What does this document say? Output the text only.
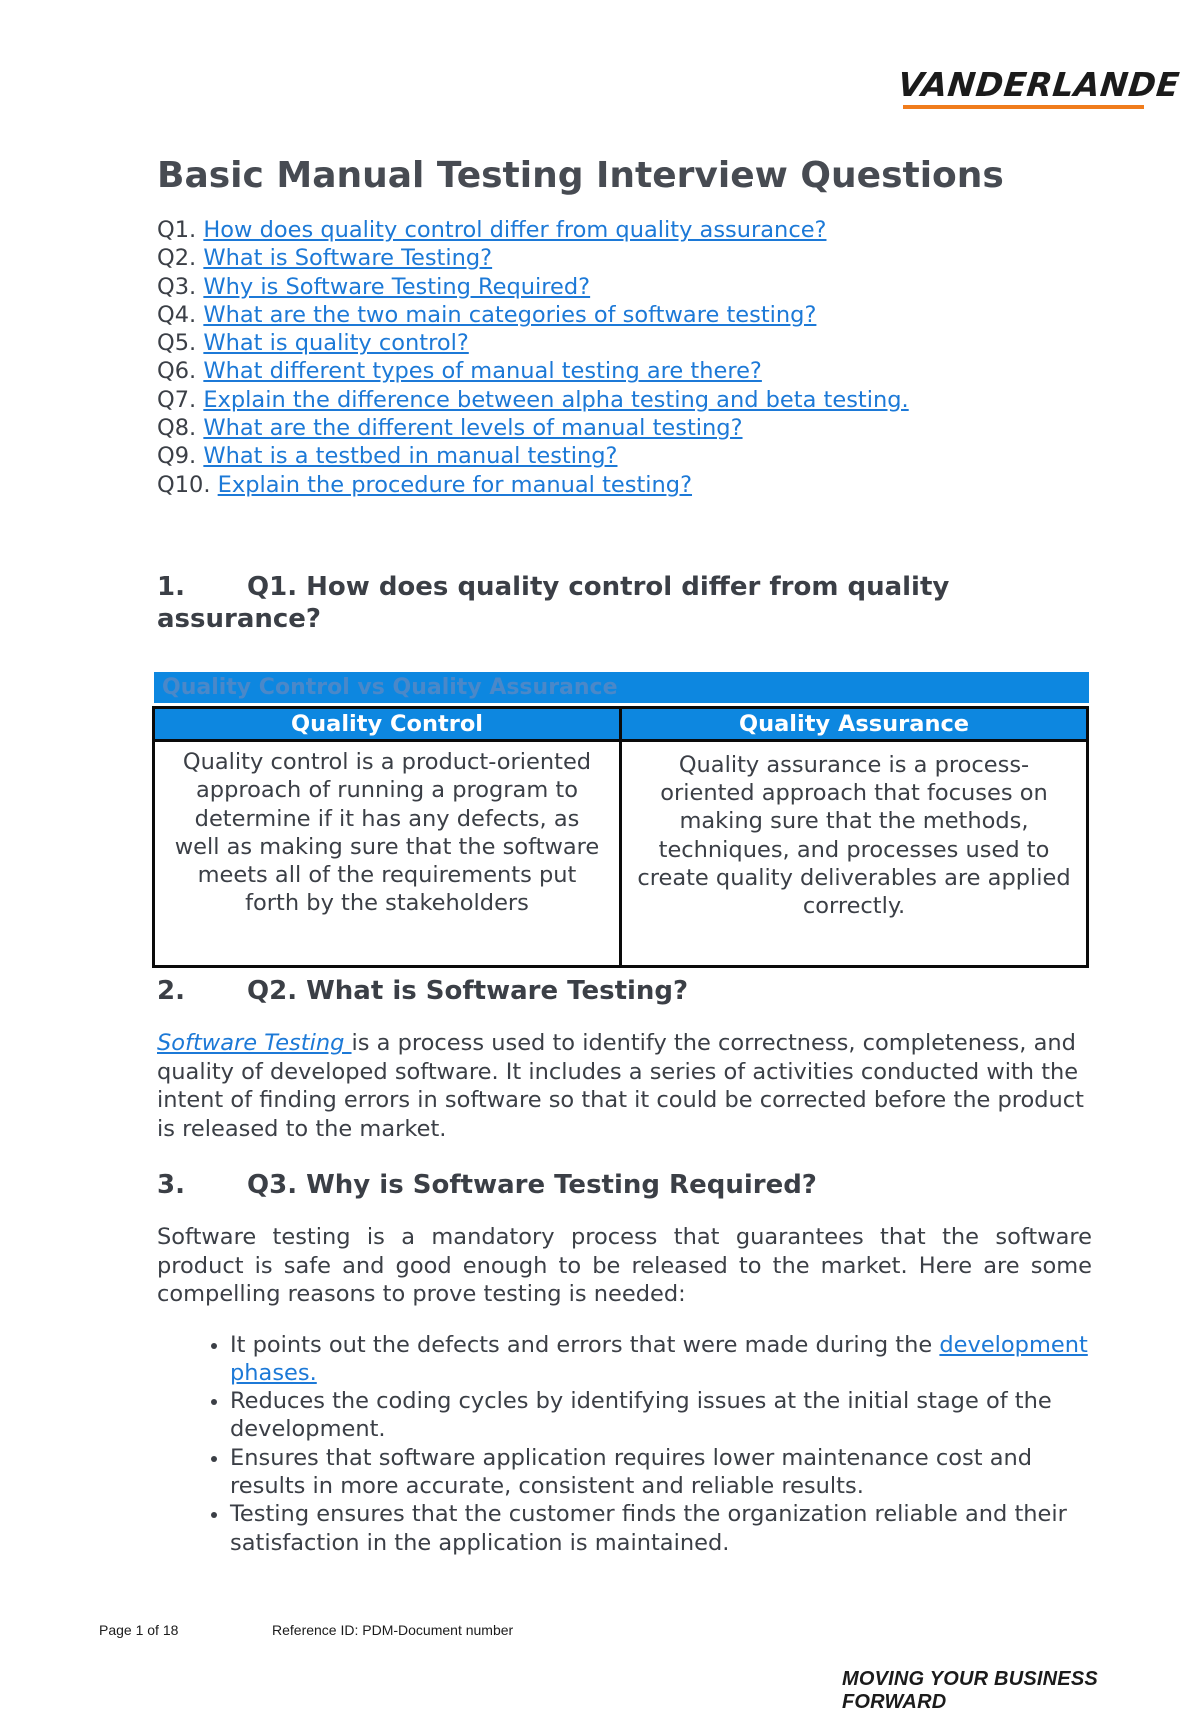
VANDERLANDE
Basic Manual Testing Interview Questions
Q1. How does quality control differ from quality assurance?
Q2. What is Software Testing?
Q3. Why is Software Testing Required?
Q4. What are the two main categories of software testing?
Q5. What is quality control?
Q6. What different types of manual testing are there?
Q7. Explain the difference between alpha testing and beta testing.
Q8. What are the different levels of manual testing?
Q9. What is a testbed in manual testing?
Q10. Explain the procedure for manual testing?
1.	Q1. How does quality control differ from quality assurance?
Quality Control vs Quality Assurance
Quality Control	Quality Assurance
Quality control is a product-oriented approach of running a program to determine if it has any defects, as well as making sure that the software meets all of the requirements put forth by the stakeholders	Quality assurance is a process-oriented approach that focuses on making sure that the methods, techniques, and processes used to create quality deliverables are applied correctly.
2.	Q2. What is Software Testing?

Software Testing is a process used to identify the correctness, completeness, and quality of developed software. It includes a series of activities conducted with the intent of finding errors in software so that it could be corrected before the product is released to the market.

3.	Q3. Why is Software Testing Required?

Software testing is a mandatory process that guarantees that the software product is safe and good enough to be released to the market. Here are some compelling reasons to prove testing is needed:

• It points out the defects and errors that were made during the development phases.
• Reduces the coding cycles by identifying issues at the initial stage of the development.
• Ensures that software application requires lower maintenance cost and results in more accurate, consistent and reliable results.
• Testing ensures that the customer finds the organization reliable and their satisfaction in the application is maintained.
Page 1 of 18	Reference ID: PDM-Document number
MOVING YOUR BUSINESS FORWARD
